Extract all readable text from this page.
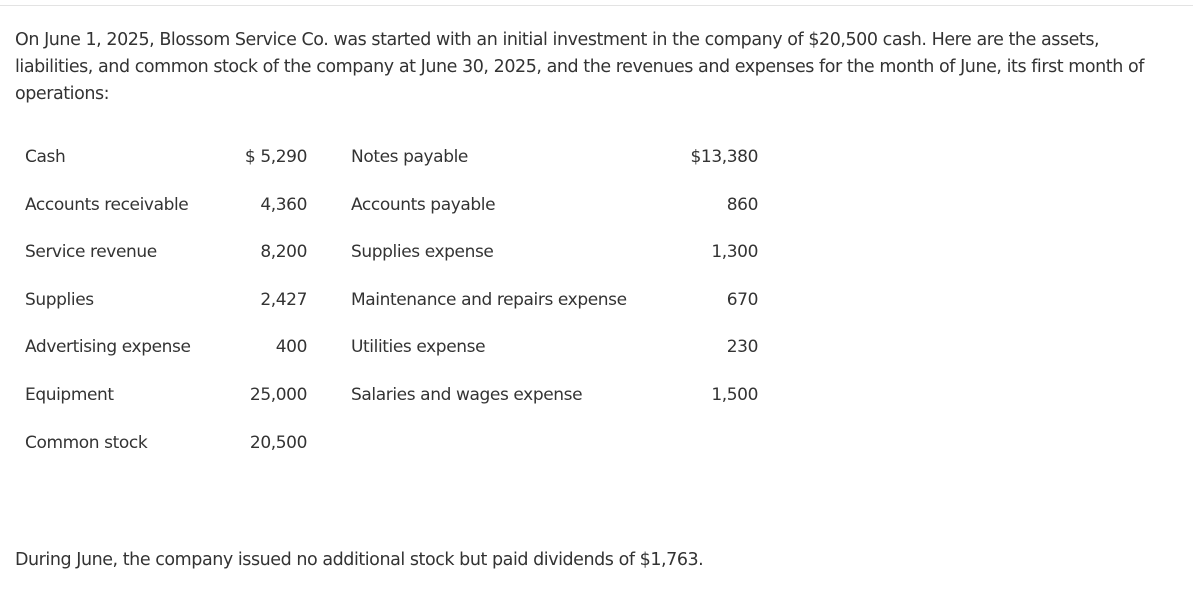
On June 1, 2025, Blossom Service Co. was started with an initial investment in the company of $20,500 cash. Here are the assets, liabilities, and common stock of the company at June 30, 2025, and the revenues and expenses for the month of June, its first month of operations:

Cash	$ 5,290	Notes payable	$13,380
Accounts receivable	4,360	Accounts payable	860
Service revenue	8,200	Supplies expense	1,300
Supplies	2,427	Maintenance and repairs expense	670
Advertising expense	400	Utilities expense	230
Equipment	25,000	Salaries and wages expense	1,500
Common stock	20,500

During June, the company issued no additional stock but paid dividends of $1,763.
